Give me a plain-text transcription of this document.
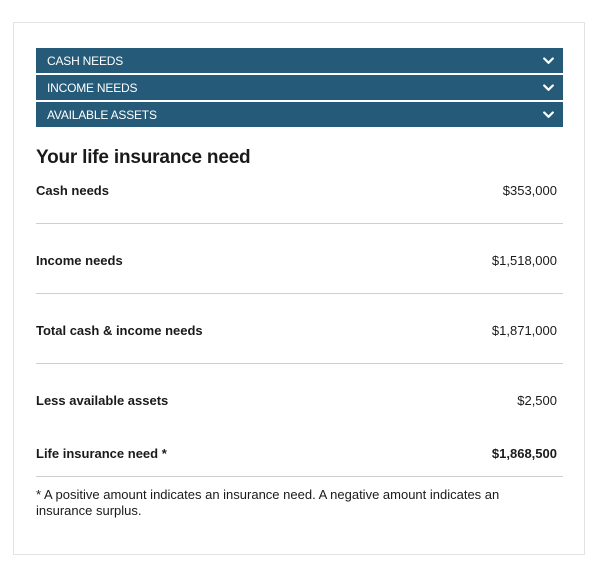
CASH NEEDS
INCOME NEEDS
AVAILABLE ASSETS
Your life insurance need
Cash needs	$353,000
Income needs	$1,518,000
Total cash & income needs	$1,871,000
Less available assets	$2,500
Life insurance need *	$1,868,500
* A positive amount indicates an insurance need. A negative amount indicates an insurance surplus.
